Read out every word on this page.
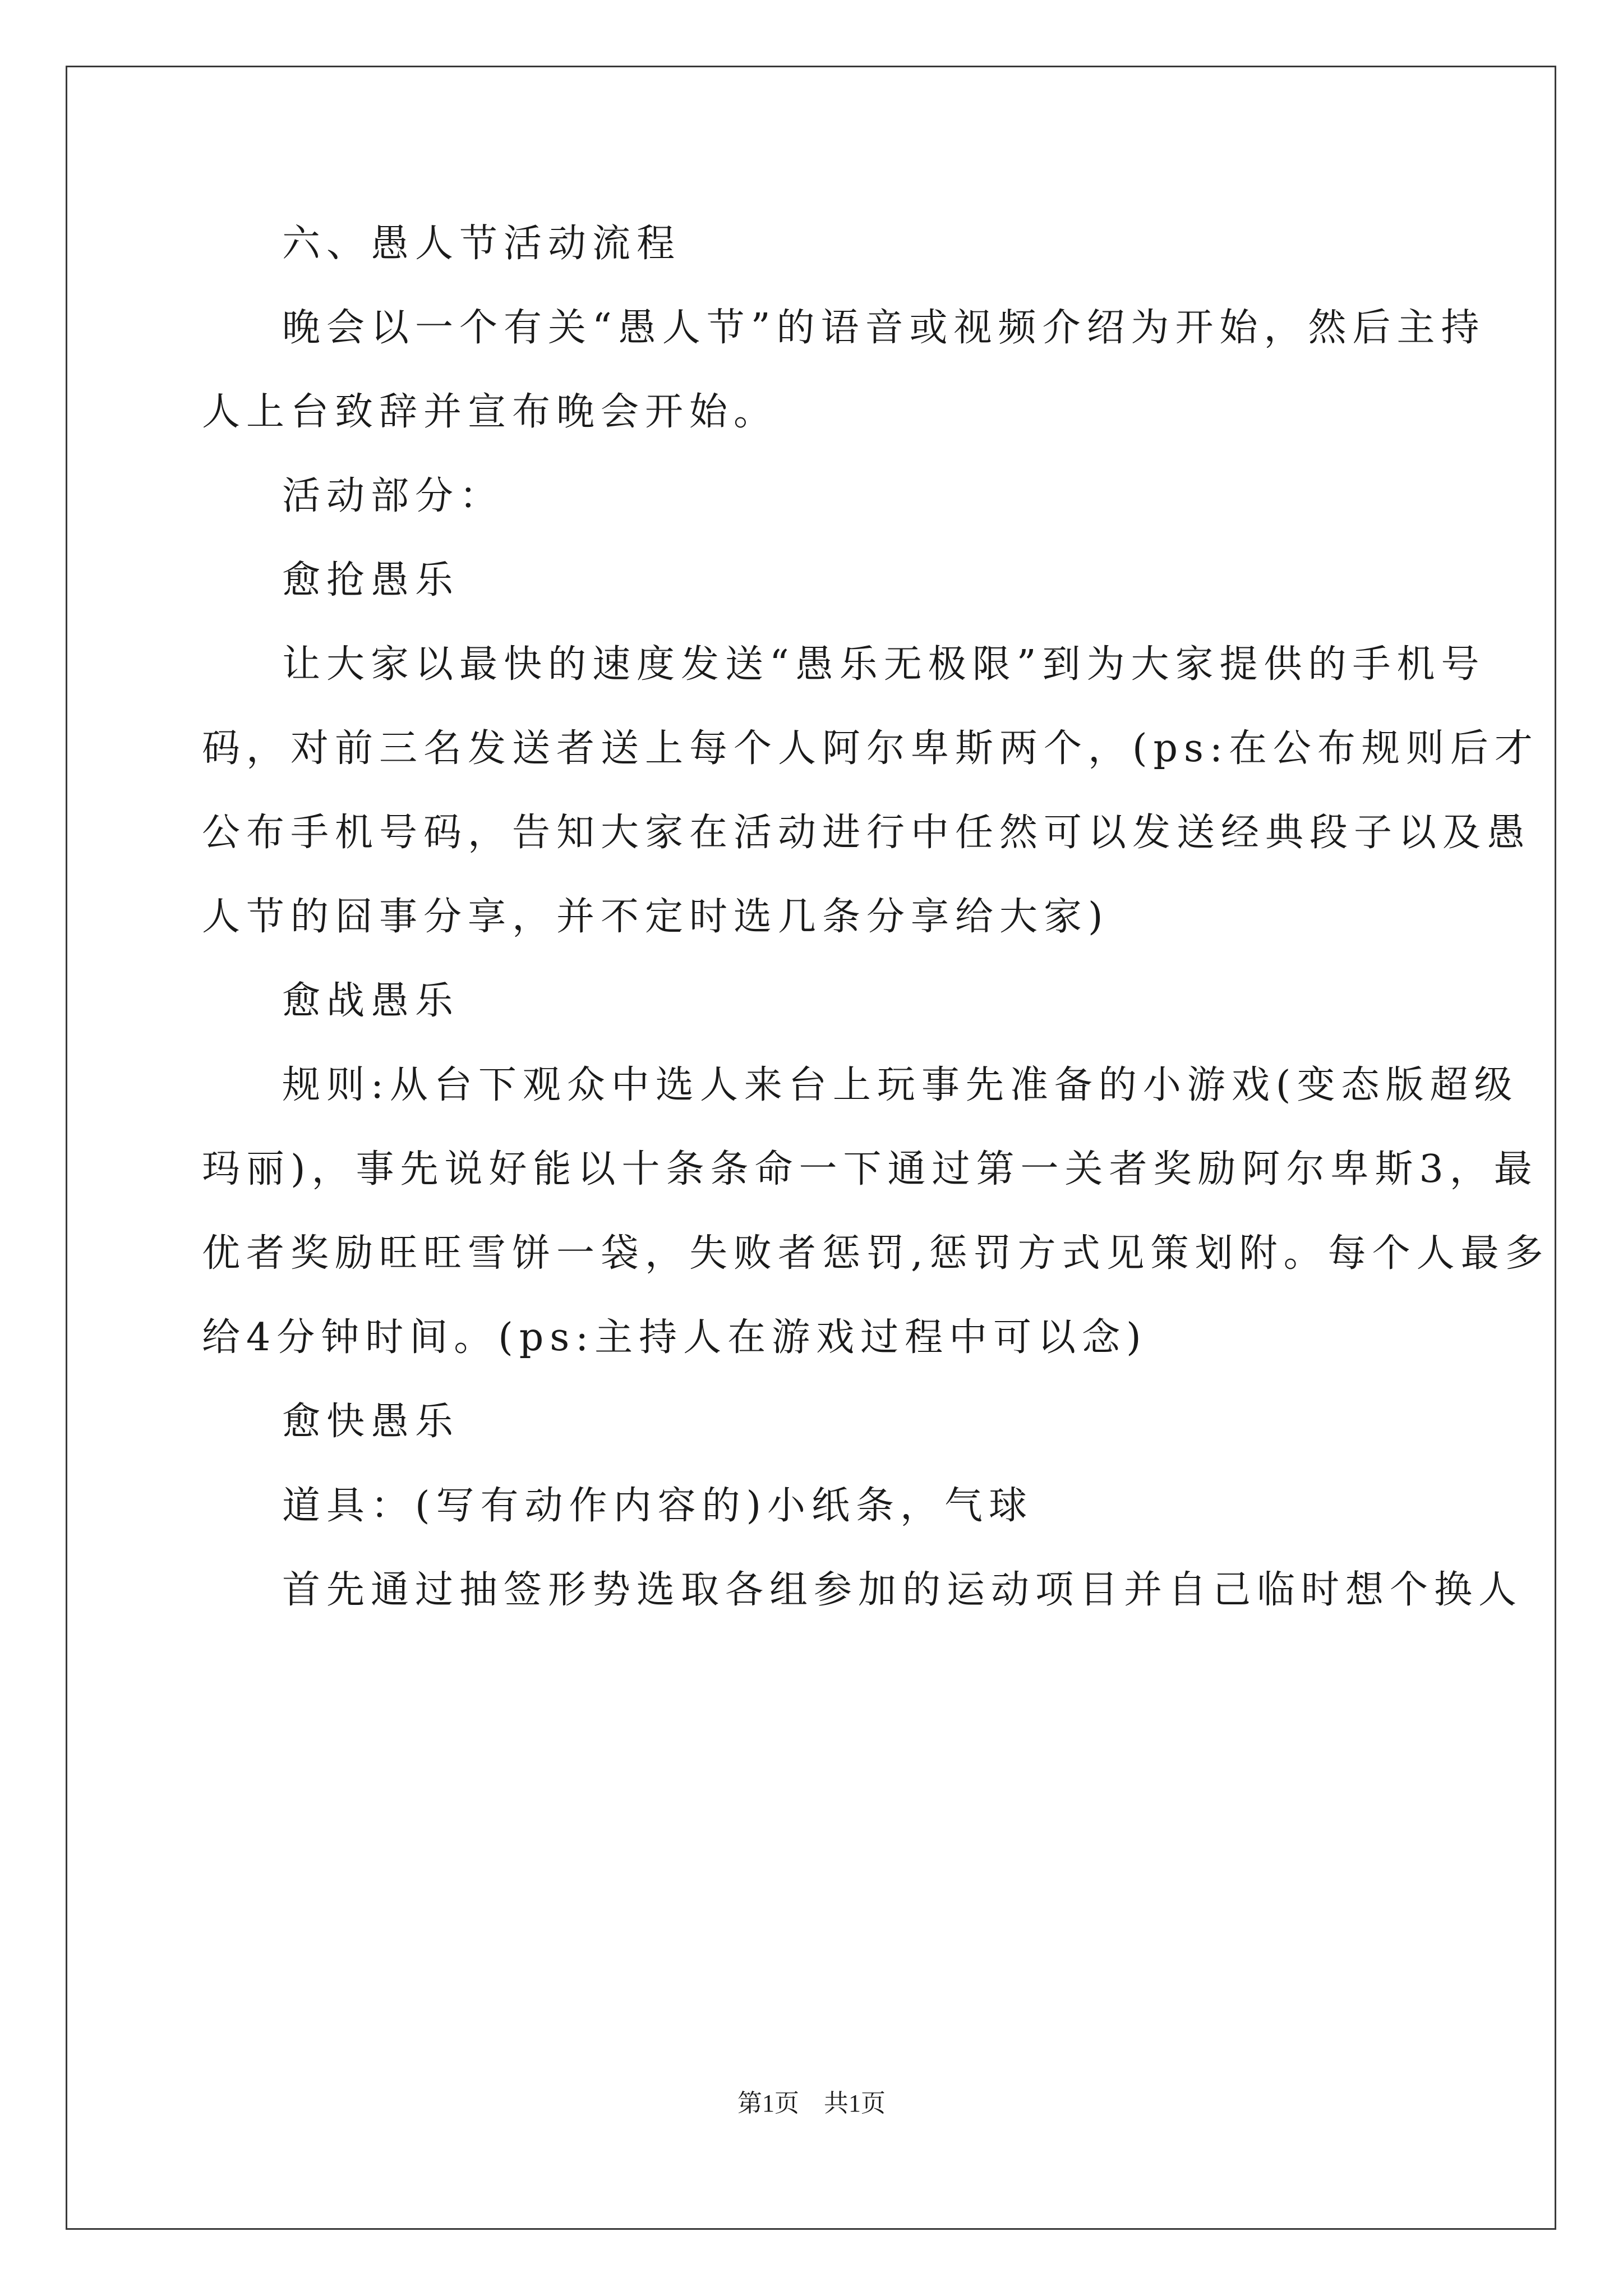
六、愚人节活动流程
晚会以一个有关“愚人节”的语音或视频介绍为开始，然后主持
人上台致辞并宣布晚会开始。
活动部分：
愈抢愚乐
让大家以最快的速度发送“愚乐无极限”到为大家提供的手机号
码，对前三名发送者送上每个人阿尔卑斯两个，(ps:在公布规则后才
公布手机号码，告知大家在活动进行中任然可以发送经典段子以及愚
人节的囧事分享，并不定时选几条分享给大家)
愈战愚乐
规则:从台下观众中选人来台上玩事先准备的小游戏(变态版超级
玛丽)，事先说好能以十条条命一下通过第一关者奖励阿尔卑斯3，最
优者奖励旺旺雪饼一袋，失败者惩罚,惩罚方式见策划附。每个人最多
给4分钟时间。(ps:主持人在游戏过程中可以念)
愈快愚乐
道具：(写有动作内容的)小纸条，气球
首先通过抽签形势选取各组参加的运动项目并自己临时想个换人
第1页　共1页
